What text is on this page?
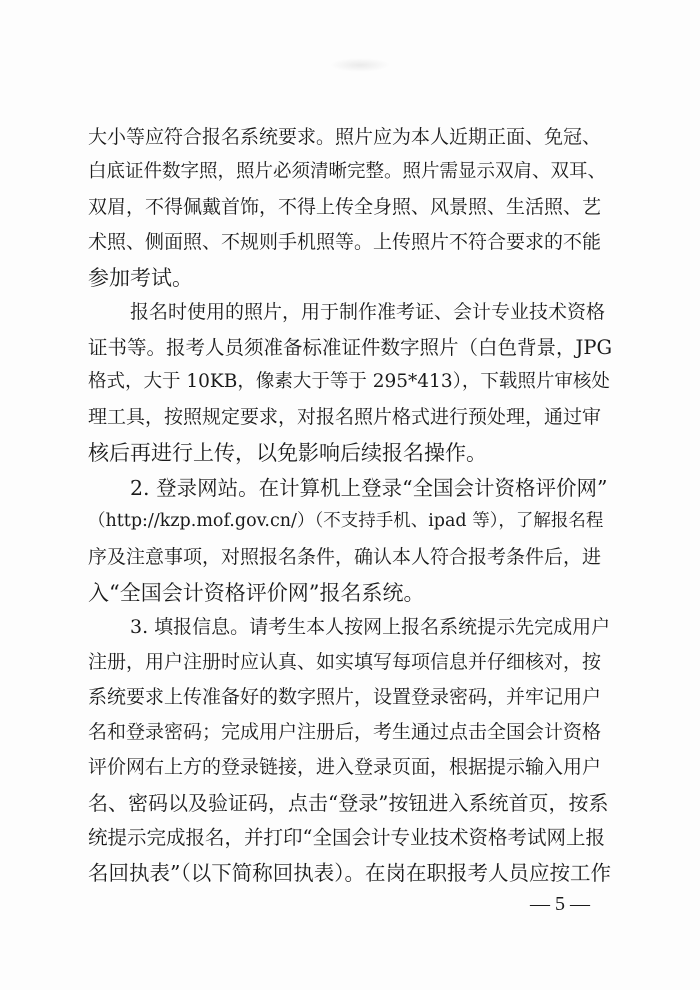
大小等应符合报名系统要求。照片应为本人近期正面、免冠、
白底证件数字照，照片必须清晰完整。照片需显示双肩、双耳、
双眉，不得佩戴首饰，不得上传全身照、风景照、生活照、艺
术照、侧面照、不规则手机照等。上传照片不符合要求的不能
参加考试。
报名时使用的照片，用于制作准考证、会计专业技术资格
证书等。报考人员须准备标准证件数字照片（白色背景，JPG
格式，大于 10KB，像素大于等于 295*413），下载照片审核处
理工具，按照规定要求，对报名照片格式进行预处理，通过审
核后再进行上传，以免影响后续报名操作。
2. 登录网站。在计算机上登录“全国会计资格评价网”
（http://kzp.mof.gov.cn/）（不支持手机、ipad 等），了解报名程
序及注意事项，对照报名条件，确认本人符合报考条件后，进
入“全国会计资格评价网”报名系统。
3. 填报信息。请考生本人按网上报名系统提示先完成用户
注册，用户注册时应认真、如实填写每项信息并仔细核对，按
系统要求上传准备好的数字照片，设置登录密码，并牢记用户
名和登录密码；完成用户注册后，考生通过点击全国会计资格
评价网右上方的登录链接，进入登录页面，根据提示输入用户
名、密码以及验证码，点击“登录”按钮进入系统首页，按系
统提示完成报名，并打印“全国会计专业技术资格考试网上报
名回执表”（以下简称回执表）。在岗在职报考人员应按工作
— 5 —
